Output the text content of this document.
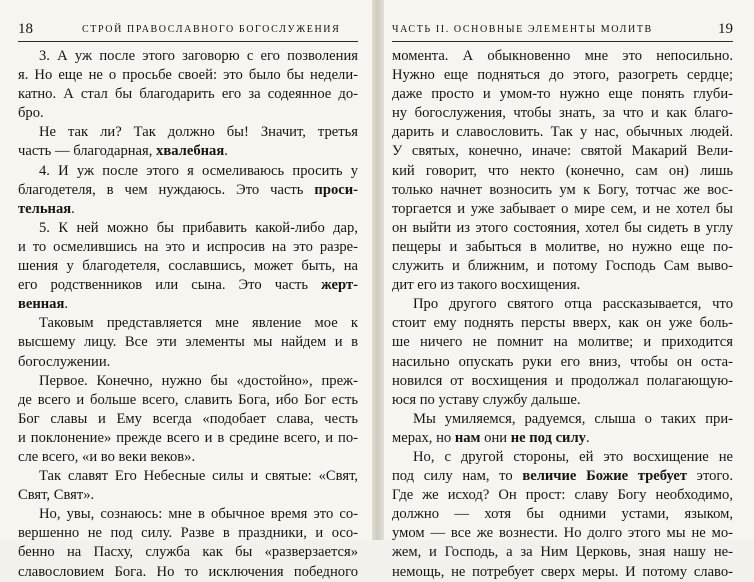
18	СТРОЙ ПРАВОСЛАВНОГО БОГОСЛУЖЕНИЯ
3. А уж после этого заговорю с его позволения
я. Но еще не о просьбе своей: это было бы недели-
катно. А стал бы благодарить его за содеянное до-
бро.
Не так ли? Так должно бы! Значит, третья
часть — благодарная, хвалебная.
4. И уж после этого я осмеливаюсь просить у
благодетеля, в чем нуждаюсь. Это часть проси-
тельная.
5. К ней можно бы прибавить какой-либо дар,
и то осмелившись на это и испросив на это разре-
шения у благодетеля, сославшись, может быть, на
его родственников или сына. Это часть жерт-
венная.
Таковым представляется мне явление мое к
высшему лицу. Все эти элементы мы найдем и в
богослужении.
Первое. Конечно, нужно бы «достойно», преж-
де всего и больше всего, славить Бога, ибо Бог есть
Бог славы и Ему всегда «подобает слава, честь
и поклонение» прежде всего и в средине всего, и по-
сле всего, «и во веки веков».
Так славят Его Небесные силы и святые: «Свят,
Свят, Свят».
Но, увы, сознаюсь: мне в обычное время это со-
вершенно не под силу. Разве в праздники, и осо-
бенно на Пасху, служба как бы «разверзается»
славословием Бога. Но то исключения победного
ЧАСТЬ II. ОСНОВНЫЕ ЭЛЕМЕНТЫ МОЛИТВ	19
момента. А обыкновенно мне это непосильно.
Нужно еще подняться до этого, разогреть сердце;
даже просто и умом-то нужно еще понять глуби-
ну богослужения, чтобы знать, за что и как благо-
дарить и славословить. Так у нас, обычных людей.
У святых, конечно, иначе: святой Макарий Вели-
кий говорит, что некто (конечно, сам он) лишь
только начнет возносить ум к Богу, тотчас же вос-
торгается и уже забывает о мире сем, и не хотел бы
он выйти из этого состояния, хотел бы сидеть в углу
пещеры и забыться в молитве, но нужно еще по-
служить и ближним, и потому Господь Сам выво-
дит его из такого восхищения.
Про другого святого отца рассказывается, что
стоит ему поднять персты вверх, как он уже боль-
ше ничего не помнит на молитве; и приходится
насильно опускать руки его вниз, чтобы он оста-
новился от восхищения и продолжал полагающую-
юся по уставу службу дальше.
Мы умиляемся, радуемся, слыша о таких при-
мерах, но нам они не под силу.
Но, с другой стороны, ей это восхищение не
под силу нам, то величие Божие требует этого.
Где же исход? Он прост: славу Богу необходимо,
должно — хотя бы одними устами, языком,
умом — все же вознести. Но долго этого мы не мо-
жем, и Господь, а за Ним Церковь, зная нашу не-
немощь, не потребует сверх меры. И потому славо-
